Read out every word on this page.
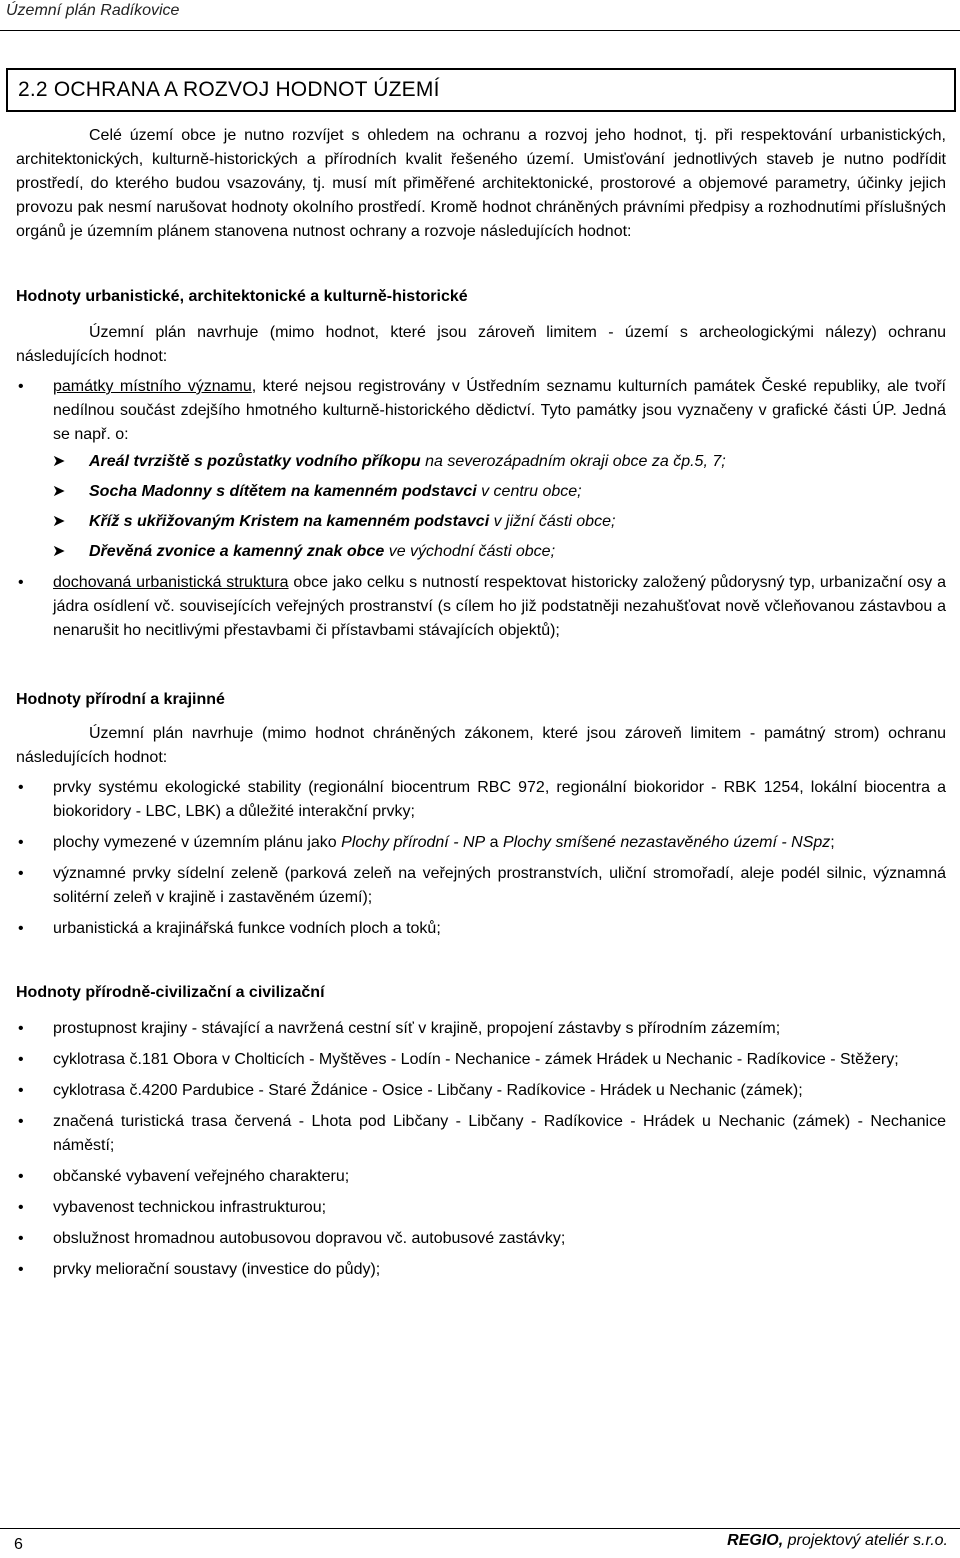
Územní plán Radíkovice
2.2 OCHRANA A ROZVOJ HODNOT ÚZEMÍ

Celé území obce je nutno rozvíjet s ohledem na ochranu a rozvoj jeho hodnot, tj. při respektování urbanistických, architektonických, kulturně-historických a přírodních kvalit řešeného území. Umisťování jednotlivých staveb je nutno podřídit prostředí, do kterého budou vsazovány, tj. musí mít přiměřené architektonické, prostorové a objemové parametry, účinky jejich provozu pak nesmí narušovat hodnoty okolního prostředí. Kromě hodnot chráněných právními předpisy a rozhodnutími příslušných orgánů je územním plánem stanovena nutnost ochrany a rozvoje následujících hodnot:

Hodnoty urbanistické, architektonické a kulturně-historické

Územní plán navrhuje (mimo hodnot, které jsou zároveň limitem - území s archeologickými nálezy) ochranu následujících hodnot:

• památky místního významu, které nejsou registrovány v Ústředním seznamu kulturních památek České republiky, ale tvoří nedílnou součást zdejšího hmotného kulturně-historického dědictví. Tyto památky jsou vyznačeny v grafické části ÚP. Jedná se např. o:
➤ Areál tvrziště s pozůstatky vodního příkopu na severozápadním okraji obce za čp.5, 7;
➤ Socha Madonny s dítětem na kamenném podstavci v centru obce;
➤ Kříž s ukřižovaným Kristem na kamenném podstavci v jižní části obce;
➤ Dřevěná zvonice a kamenný znak obce ve východní části obce;
• dochovaná urbanistická struktura obce jako celku s nutností respektovat historicky založený půdorysný typ, urbanizační osy a jádra osídlení vč. souvisejících veřejných prostranství (s cílem ho již podstatněji nezahušťovat nově včleňovanou zástavbou a nenarušit ho necitlivými přestavbami či přístavbami stávajících objektů);
Hodnoty přírodní a krajinné

Územní plán navrhuje (mimo hodnot chráněných zákonem, které jsou zároveň limitem - památný strom) ochranu následujících hodnot:

• prvky systému ekologické stability (regionální biocentrum RBC 972, regionální biokoridor - RBK 1254, lokální biocentra a biokoridory - LBC, LBK) a důležité interakční prvky;
• plochy vymezené v územním plánu jako Plochy přírodní - NP a Plochy smíšené nezastavěného území - NSpz;
• významné prvky sídelní zeleně (parková zeleň na veřejných prostranstvích, uliční stromořadí, aleje podél silnic, významná solitérní zeleň v krajině i zastavěném území);
• urbanistická a krajinářská funkce vodních ploch a toků;
Hodnoty přírodně-civilizační a civilizační
• prostupnost krajiny - stávající a navržená cestní síť v krajině, propojení zástavby s přírodním zázemím;
• cyklotrasa č.181 Obora v Cholticích - Myštěves - Lodín - Nechanice - zámek Hrádek u Nechanic - Radíkovice - Stěžery;
• cyklotrasa č.4200 Pardubice - Staré Ždánice - Osice - Libčany - Radíkovice - Hrádek u Nechanic (zámek);
• značená turistická trasa červená - Lhota pod Libčany - Libčany - Radíkovice - Hrádek u Nechanic (zámek) - Nechanice náměstí;
• občanské vybavení veřejného charakteru;
• vybavenost technickou infrastrukturou;
• obslužnost hromadnou autobusovou dopravou vč. autobusové zastávky;
• prvky meliorační soustavy (investice do půdy);
6	REGIO, projektový ateliér s.r.o.
